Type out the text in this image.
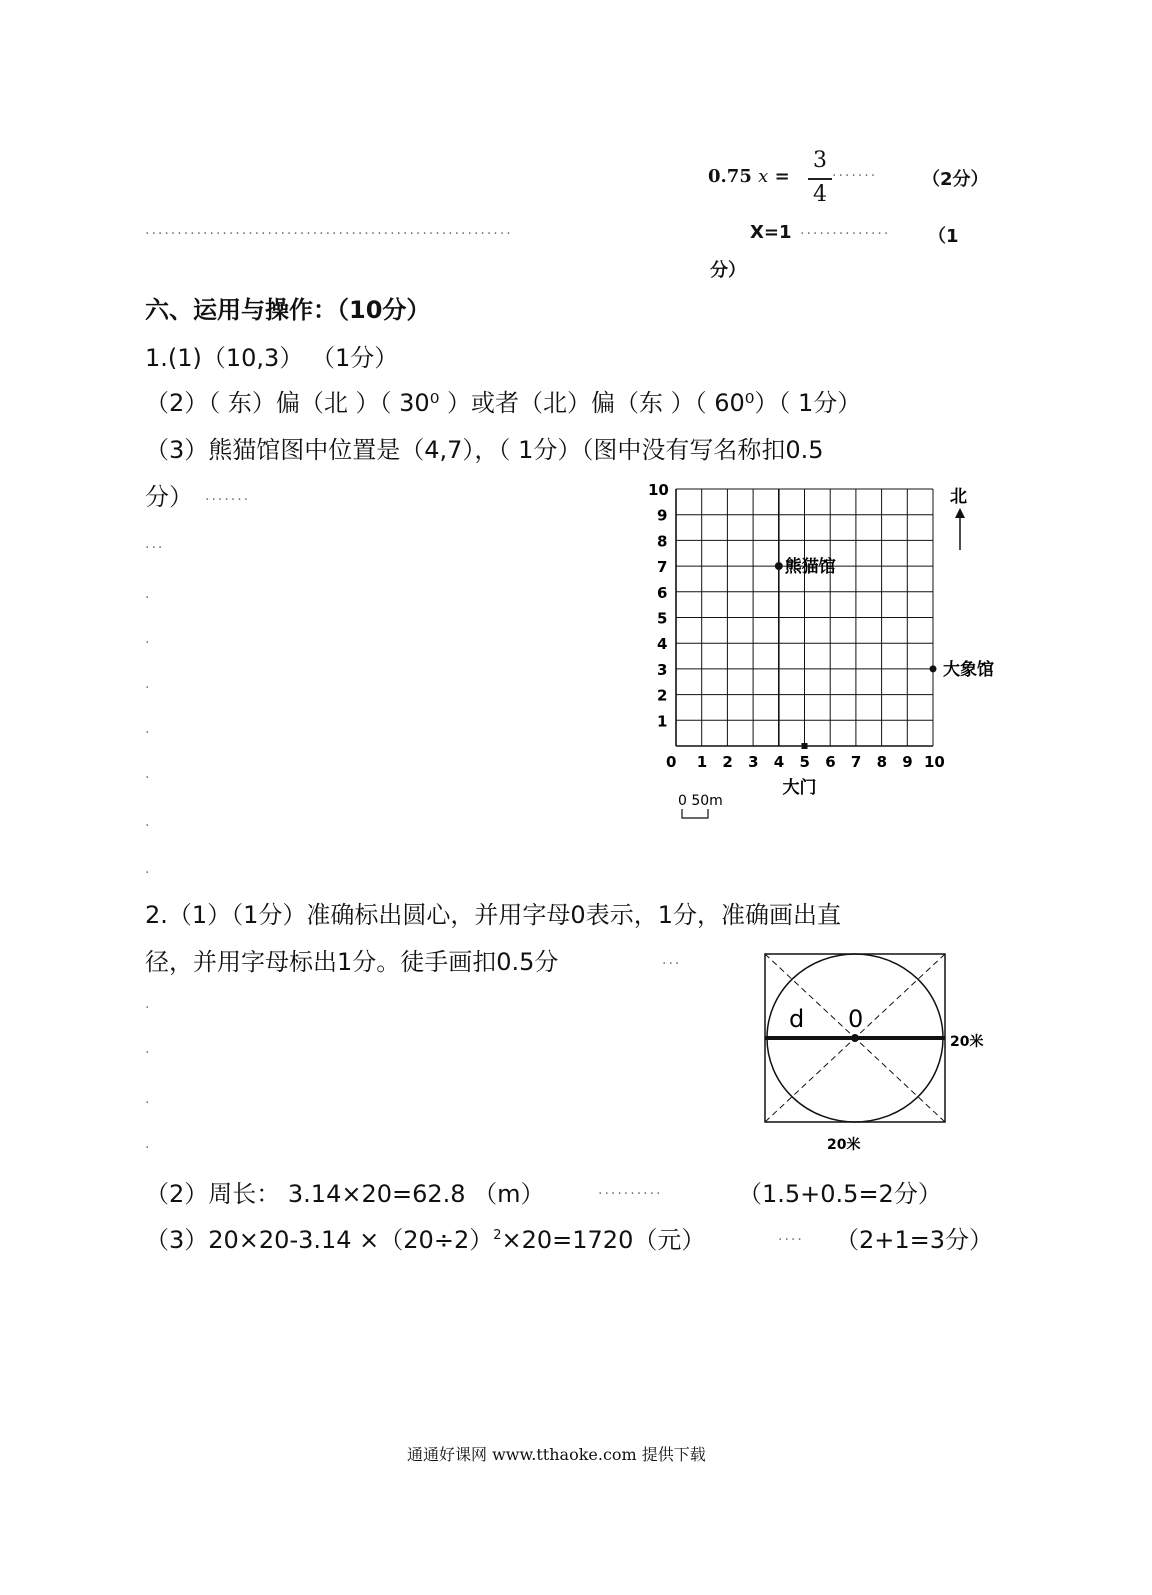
0.75 x =
3
4
······· （2分）
·························································	X=1 ·············· （1
分）
六、运用与操作：（10分）
1.(1)（10,3） （1分）
（2）（ 东）偏（北 ）（ 30⁰ ）或者（北）偏（东 ）（ 60⁰）（ 1分）
（3）熊猫馆图中位置是（4,7），（ 1分）（图中没有写名称扣0.5
分） ·······
···
0 1 2 3 4 5 6 7 8 9 10
1
2
3
4
5
6
7
8
9
10	北
熊猫馆
大象馆
大门
0 50m
2.（1）（1分）准确标出圆心，并用字母0表示，1分，准确画出直
径，并用字母标出1分。徒手画扣0.5分	···
d 0
20米
20米
·
·
·
·
·
·
·
·
·
·
·
（2）周长： 3.14×20=62.8 （m）	··········	（1.5+0.5=2分）
$(3)20\times 20-3.14 \times(20\div 2)^2\times 20=1720$（元）	···· （2+1=3分）
通通好课网 www.tthaoke.com 提供下载
